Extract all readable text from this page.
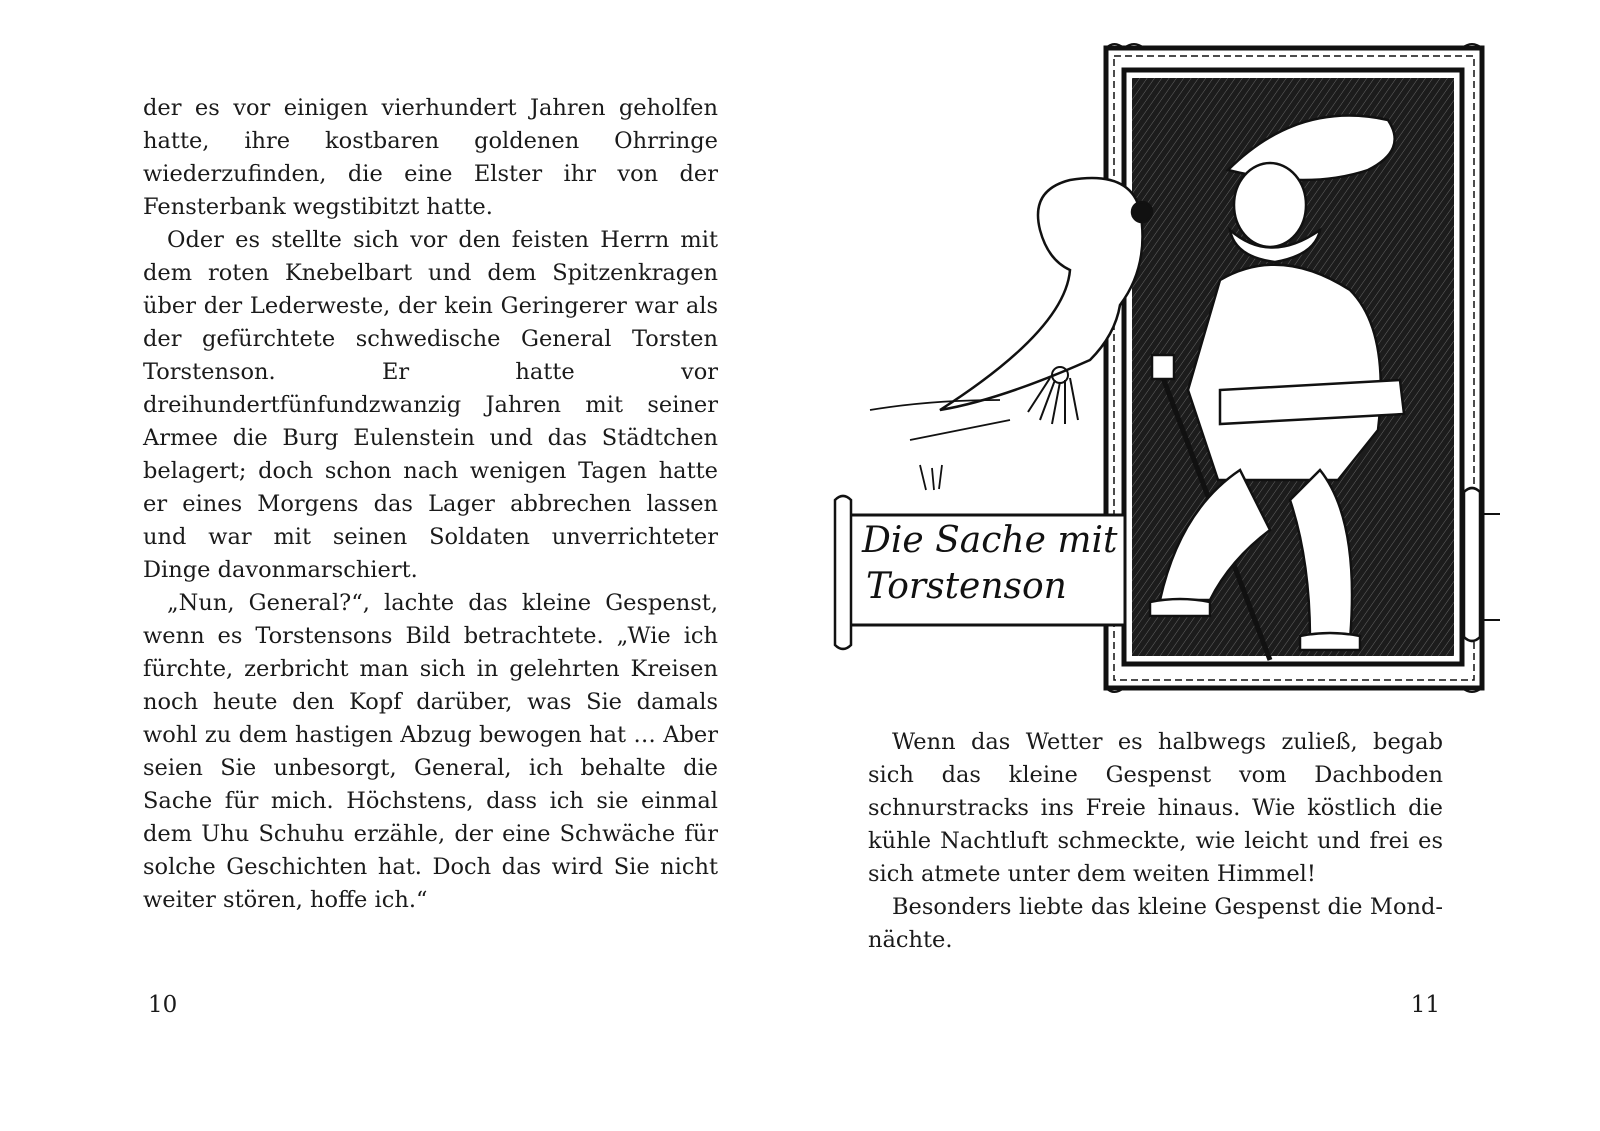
der es vor einigen vierhundert Jahren geholfen hatte, ihre kostbaren goldenen Ohrringe wiederzufinden, die eine Elster ihr von der Fensterbank wegstibitzt hatte.

Oder es stellte sich vor den feisten Herrn mit dem roten Knebelbart und dem Spitzenkragen über der Lederweste, der kein Geringerer war als der gefürchtete schwedische General Torsten Torstenson. Er hatte vor dreihundertfünfundzwanzig Jahren mit seiner Armee die Burg Eulenstein und das Städtchen belagert; doch schon nach wenigen Tagen hatte er eines Morgens das Lager abbrechen lassen und war mit seinen Soldaten unverrichteter Dinge davonmarschiert.

„Nun, General?“, lachte das kleine Gespenst, wenn es Torstensons Bild betrachtete. „Wie ich fürchte, zerbricht man sich in gelehrten Kreisen noch heute den Kopf darüber, was Sie damals wohl zu dem hastigen Abzug bewogen hat … Aber seien Sie unbesorgt, General, ich behalte die Sache für mich. Höchstens, dass ich sie einmal dem Uhu Schuhu erzähle, der eine Schwäche für solche Geschichten hat. Doch das wird Sie nicht weiter stören, hoffe ich.“

10
Die Sache mit
Torstenson

Wenn das Wetter es halbwegs zuließ, begab sich das kleine Gespenst vom Dachboden schnurstracks ins Freie hinaus. Wie köstlich die kühle Nachtluft schmeckte, wie leicht und frei es sich atmete unter dem weiten Himmel!

Besonders liebte das kleine Gespenst die Mondnächte.

11
